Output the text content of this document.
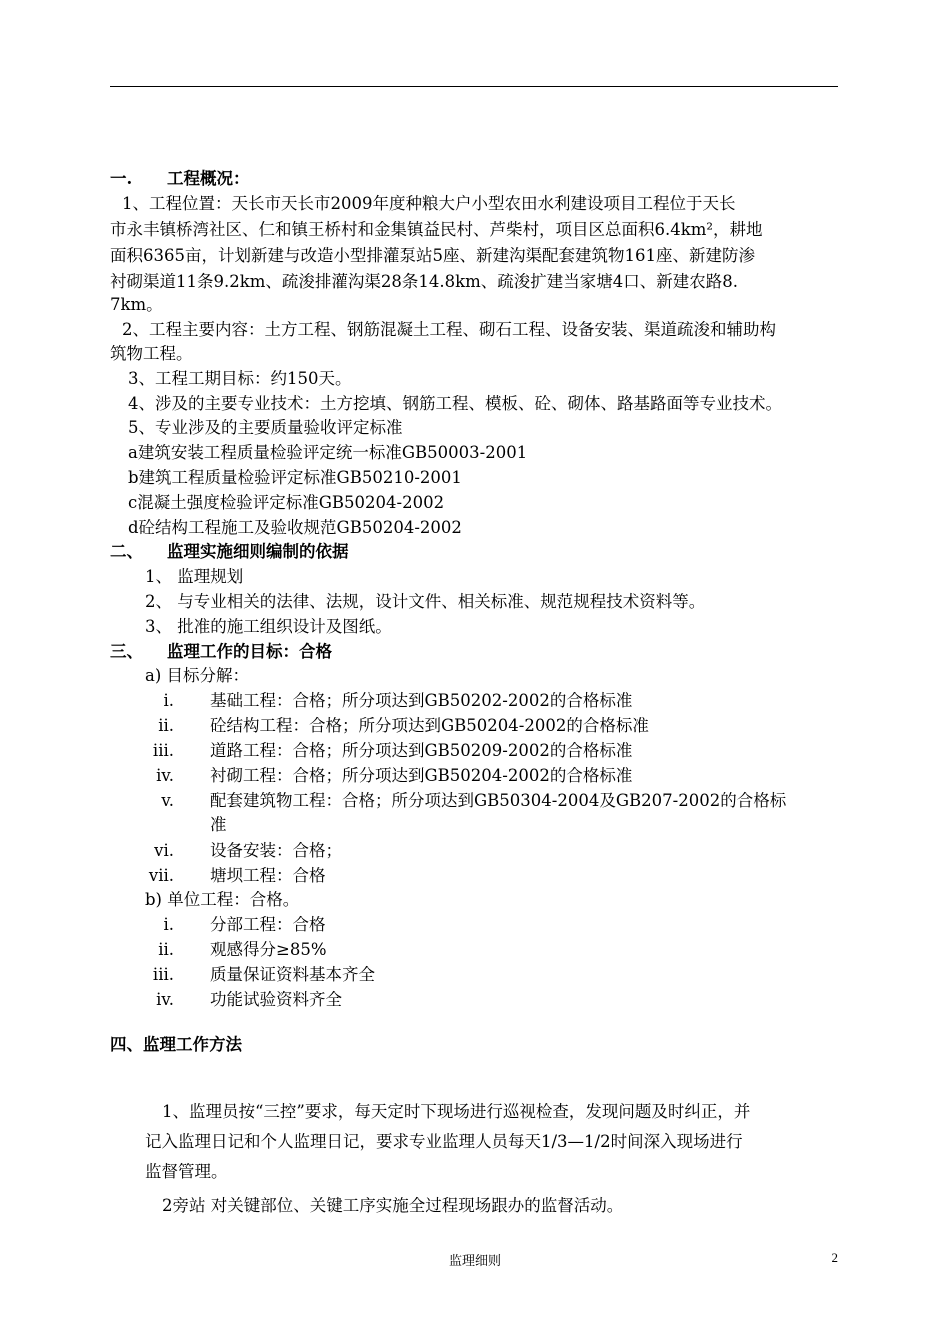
一. 工程概况：
1、工程位置：天长市天长市2009年度种粮大户小型农田水利建设项目工程位于天长
市永丰镇桥湾社区、仁和镇王桥村和金集镇益民村、芦柴村，项目区总面积6.4km²，耕地
面积6365亩，计划新建与改造小型排灌泵站5座、新建沟渠配套建筑物161座、新建防渗
衬砌渠道11条9.2km、疏浚排灌沟渠28条14.8km、疏浚扩建当家塘4口、新建农路8.
7km。
2、工程主要内容：土方工程、钢筋混凝土工程、砌石工程、设备安装、渠道疏浚和辅助构
筑物工程。
3、工程工期目标：约150天。
4、涉及的主要专业技术：土方挖填、钢筋工程、模板、砼、砌体、路基路面等专业技术。
5、专业涉及的主要质量验收评定标准
a建筑安装工程质量检验评定统一标准GB50003-2001
b建筑工程质量检验评定标准GB50210-2001
c混凝土强度检验评定标准GB50204-2002
d砼结构工程施工及验收规范GB50204-2002
二、 监理实施细则编制的依据
1、 监理规划
2、 与专业相关的法律、法规，设计文件、相关标准、规范规程技术资料等。
3、 批准的施工组织设计及图纸。
三、 监理工作的目标：合格
a) 目标分解：
i. 基础工程：合格；所分项达到GB50202-2002的合格标准
ii. 砼结构工程：合格；所分项达到GB50204-2002的合格标准
iii. 道路工程：合格；所分项达到GB50209-2002的合格标准
iv. 衬砌工程：合格；所分项达到GB50204-2002的合格标准
v. 配套建筑物工程：合格；所分项达到GB50304-2004及GB207-2002的合格标
准
vi. 设备安装：合格；
vii. 塘坝工程：合格
b) 单位工程：合格。
i. 分部工程：合格
ii. 观感得分≥85%
iii. 质量保证资料基本齐全
iv. 功能试验资料齐全
四、监理工作方法
1、监理员按“三控”要求，每天定时下现场进行巡视检查，发现问题及时纠正，并
记入监理日记和个人监理日记，要求专业监理人员每天1/3—1/2时间深入现场进行
监督管理。
2旁站 对关键部位、关键工序实施全过程现场跟办的监督活动。
监理细则	2
